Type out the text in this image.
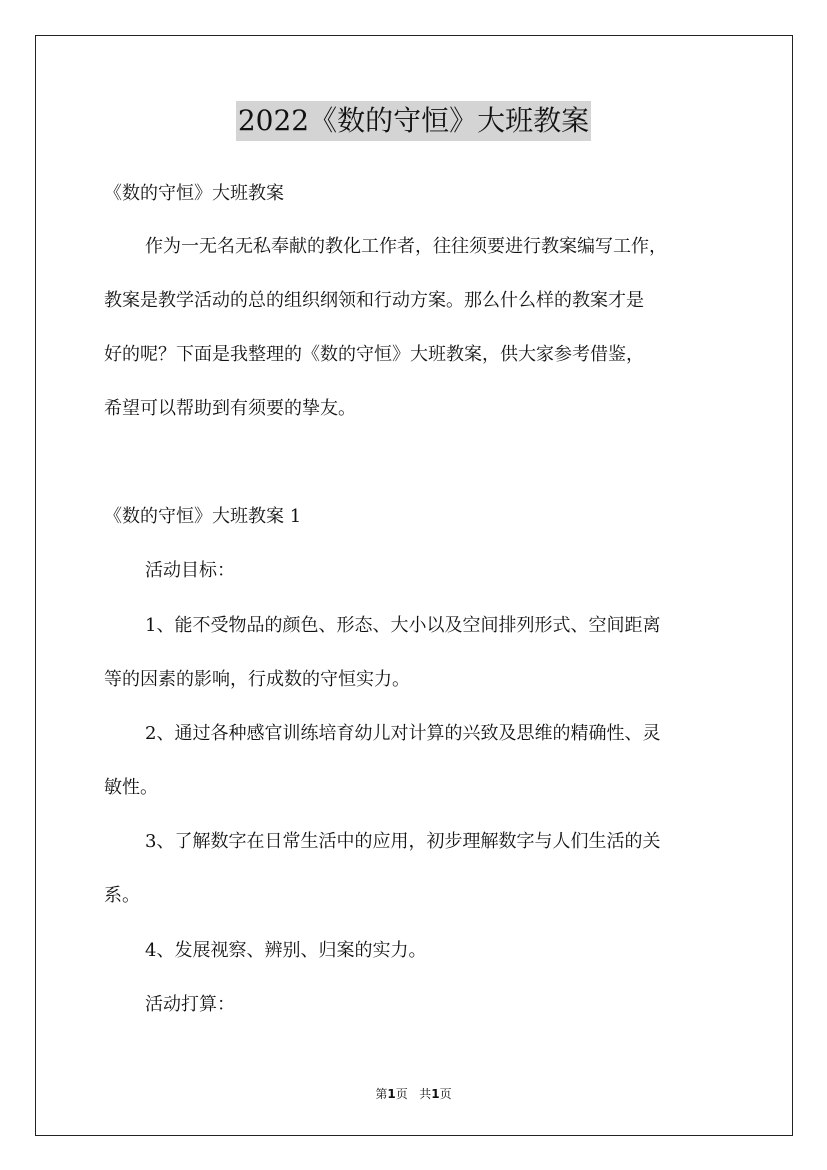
2022《数的守恒》大班教案
《数的守恒》大班教案
作为一无名无私奉献的教化工作者，往往须要进行教案编写工作，
教案是教学活动的总的组织纲领和行动方案。那么什么样的教案才是
好的呢？下面是我整理的《数的守恒》大班教案，供大家参考借鉴，
希望可以帮助到有须要的挚友。
《数的守恒》大班教案 1
活动目标：
1、能不受物品的颜色、形态、大小以及空间排列形式、空间距离
等的因素的影响，行成数的守恒实力。
2、通过各种感官训练培育幼儿对计算的兴致及思维的精确性、灵
敏性。
3、了解数字在日常生活中的应用，初步理解数字与人们生活的关
系。
4、发展视察、辨别、归案的实力。
活动打算：
第1页 共1页
